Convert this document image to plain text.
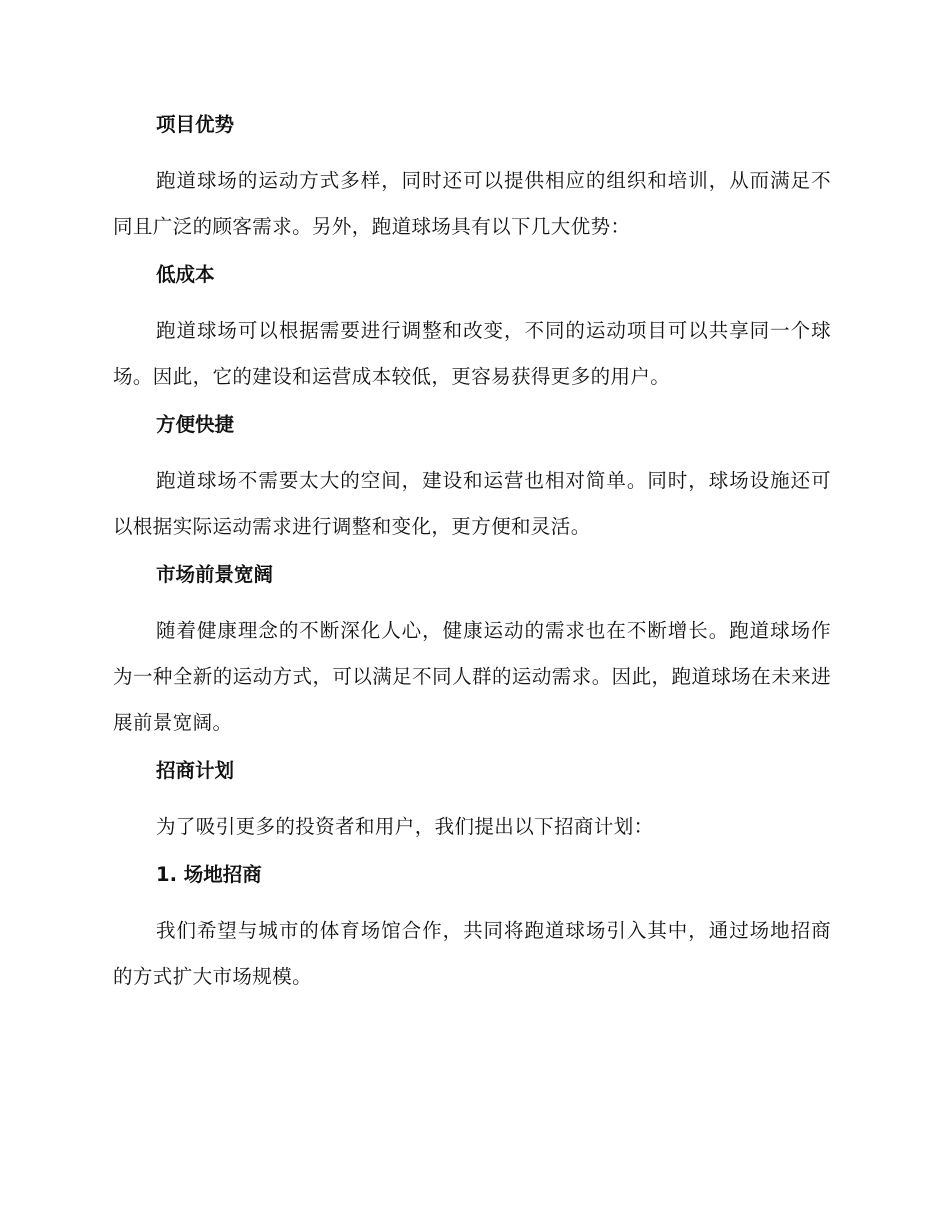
项目优势

跑道球场的运动方式多样，同时还可以提供相应的组织和培训，从而满足不同且广泛的顾客需求。另外，跑道球场具有以下几大优势：

低成本

跑道球场可以根据需要进行调整和改变，不同的运动项目可以共享同一个球场。因此，它的建设和运营成本较低，更容易获得更多的用户。

方便快捷

跑道球场不需要太大的空间，建设和运营也相对简单。同时，球场设施还可以根据实际运动需求进行调整和变化，更方便和灵活。

市场前景宽阔

随着健康理念的不断深化人心，健康运动的需求也在不断增长。跑道球场作为一种全新的运动方式，可以满足不同人群的运动需求。因此，跑道球场在未来进展前景宽阔。

招商计划

为了吸引更多的投资者和用户，我们提出以下招商计划：

1. 场地招商

我们希望与城市的体育场馆合作，共同将跑道球场引入其中，通过场地招商的方式扩大市场规模。
